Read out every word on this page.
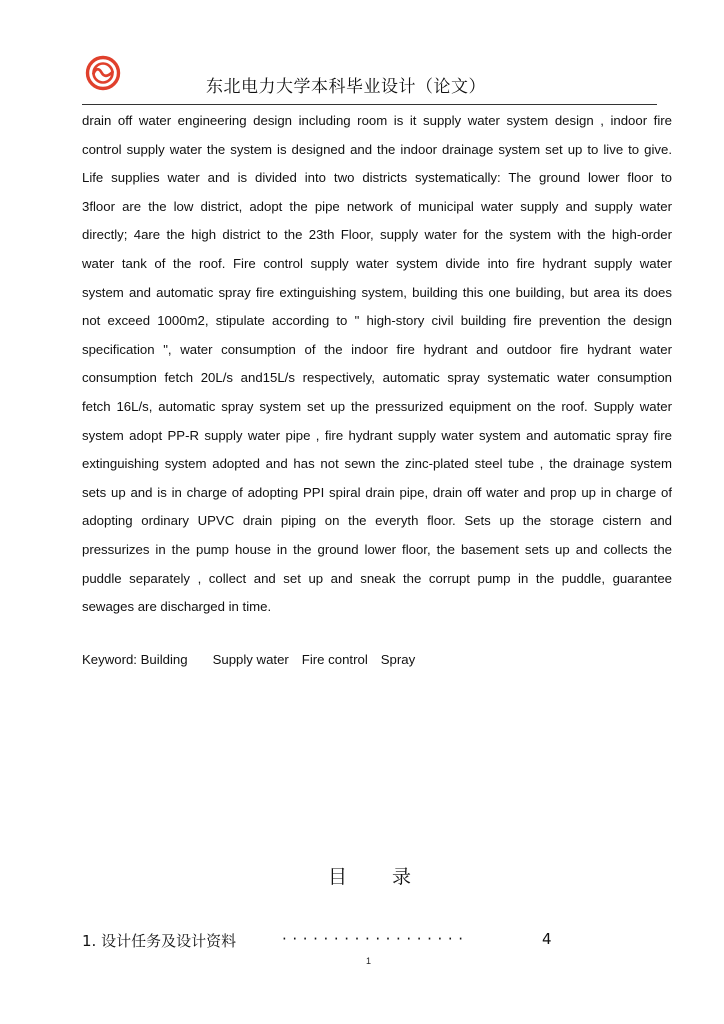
东北电力大学本科毕业设计（论文）
drain off water engineering design including room is it supply water system design , indoor fire
control supply water the system is designed and the indoor drainage system set up to live to give.
Life supplies water and is divided into two districts systematically: The ground lower floor to
3floor are the low district, adopt the pipe network of municipal water supply and supply water
directly; 4are the high district to the 23th Floor, supply water for the system with the high-order
water tank of the roof. Fire control supply water system divide into fire hydrant supply water
system and automatic spray fire extinguishing system, building this one building, but area its does
not exceed 1000m2, stipulate according to " high-story civil building fire prevention the design
specification ", water consumption of the indoor fire hydrant and outdoor fire hydrant water
consumption fetch 20L/s and15L/s respectively, automatic spray systematic water consumption
fetch 16L/s, automatic spray system set up the pressurized equipment on the roof. Supply water
system adopt PP-R supply water pipe , fire hydrant supply water system and automatic spray fire
extinguishing system adopted and has not sewn the zinc-plated steel tube , the drainage system
sets up and is in charge of adopting PPI spiral drain pipe, drain off water and prop up in charge of
adopting ordinary UPVC drain piping on the everyth floor. Sets up the storage cistern and
pressurizes in the pump house in the ground lower floor, the basement sets up and collects the
puddle separately , collect and set up and sneak the corrupt pump in the puddle, guarantee
sewages are discharged in time.
Keyword: Building Supply water Fire control Spray
目 录
1. 设计任务及设计资料	··················	4
1
